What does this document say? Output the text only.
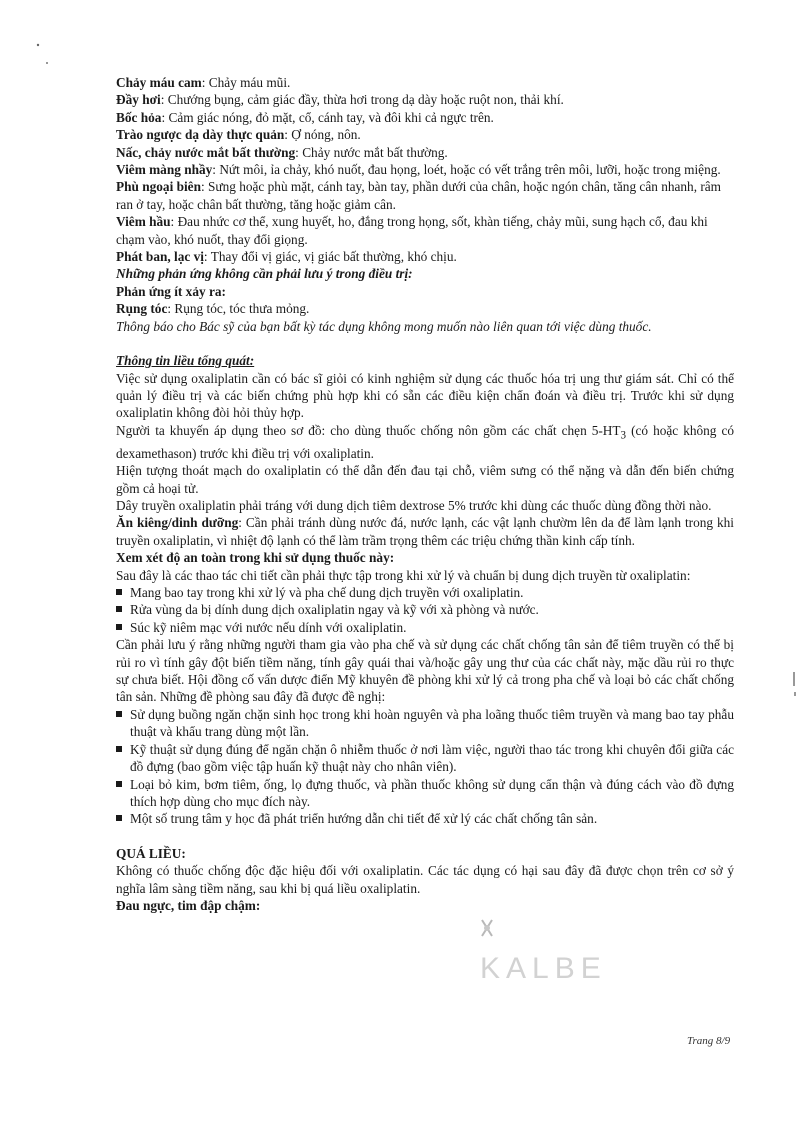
Chảy máu cam: Chảy máu mũi.

Đầy hơi: Chướng bụng, cảm giác đầy, thừa hơi trong dạ dày hoặc ruột non, thải khí.

Bốc hỏa: Cảm giác nóng, đỏ mặt, cổ, cánh tay, và đôi khi cả ngực trên.

Trào ngược dạ dày thực quản: Ợ nóng, nôn.

Nấc, chảy nước mắt bất thường: Chảy nước mắt bất thường.

Viêm màng nhầy: Nứt môi, ỉa chảy, khó nuốt, đau họng, loét, hoặc có vết trắng trên môi, lưỡi, hoặc trong miệng.

Phù ngoại biên: Sưng hoặc phù mặt, cánh tay, bàn tay, phần dưới của chân, hoặc ngón chân, tăng cân nhanh, râm ran ở tay, hoặc chân bất thường, tăng hoặc giảm cân.

Viêm hầu: Đau nhức cơ thể, xung huyết, ho, đắng trong họng, sốt, khàn tiếng, chảy mũi, sung hạch cổ, đau khi chạm vào, khó nuốt, thay đổi giọng.

Phát ban, lạc vị: Thay đổi vị giác, vị giác bất thường, khó chịu.

Những phản ứng không cần phải lưu ý trong điều trị:

Phản ứng ít xảy ra:

Rụng tóc: Rụng tóc, tóc thưa mỏng.

Thông báo cho Bác sỹ của bạn bất kỳ tác dụng không mong muốn nào liên quan tới việc dùng thuốc.

Thông tin liều tổng quát:

Việc sử dụng oxaliplatin cần có bác sĩ giỏi có kinh nghiệm sử dụng các thuốc hóa trị ung thư giám sát. Chỉ có thể quản lý điều trị và các biến chứng phù hợp khi có sẵn các điều kiện chẩn đoán và điều trị. Trước khi sử dụng oxaliplatin không đòi hỏi thủy hợp.

Người ta khuyến áp dụng theo sơ đồ: cho dùng thuốc chống nôn gồm các chất chẹn $5-HT_3$ (có hoặc không có dexamethason) trước khi điều trị với oxaliplatin.

Hiện tượng thoát mạch do oxaliplatin có thể dẫn đến đau tại chỗ, viêm sưng có thể nặng và dẫn đến biến chứng gồm cả hoại tử.

Dây truyền oxaliplatin phải tráng với dung dịch tiêm dextrose 5% trước khi dùng các thuốc dùng đồng thời nào.

Ăn kiêng/dinh dưỡng: Cần phải tránh dùng nước đá, nước lạnh, các vật lạnh chườm lên da để làm lạnh trong khi truyền oxaliplatin, vì nhiệt độ lạnh có thể làm trầm trọng thêm các triệu chứng thần kinh cấp tính.

Xem xét độ an toàn trong khi sử dụng thuốc này:

Sau đây là các thao tác chi tiết cần phải thực tập trong khi xử lý và chuẩn bị dung dịch truyền từ oxaliplatin:

Mang bao tay trong khi xử lý và pha chế dung dịch truyền với oxaliplatin.
Rửa vùng da bị dính dung dịch oxaliplatin ngay và kỹ với xà phòng và nước.
Súc kỹ niêm mạc với nước nếu dính với oxaliplatin.

Cần phải lưu ý rằng những người tham gia vào pha chế và sử dụng các chất chống tân sản để tiêm truyền có thể bị rủi ro vì tính gây đột biến tiềm năng, tính gây quái thai và/hoặc gây ung thư của các chất này, mặc dầu rủi ro thực sự chưa biết. Hội đồng cố vấn dược điển Mỹ khuyên đề phòng khi xử lý cả trong pha chế và loại bỏ các chất chống tân sản. Những đề phòng sau đây đã được đề nghị:

Sử dụng buồng ngăn chặn sinh học trong khi hoàn nguyên và pha loãng thuốc tiêm truyền và mang bao tay phẫu thuật và khẩu trang dùng một lần.
Kỹ thuật sử dụng đúng để ngăn chặn ô nhiễm thuốc ở nơi làm việc, người thao tác trong khi chuyên đổi giữa các đồ đựng (bao gồm việc tập huấn kỹ thuật này cho nhân viên).
Loại bỏ kim, bơm tiêm, ống, lọ đựng thuốc, và phần thuốc không sử dụng cẩn thận và đúng cách vào đồ đựng thích hợp dùng cho mục đích này.
Một số trung tâm y học đã phát triển hướng dẫn chi tiết để xử lý các chất chống tân sản.

QUÁ LIỀU:

Không có thuốc chống độc đặc hiệu đối với oxaliplatin. Các tác dụng có hại sau đây đã được chọn trên cơ sở ý nghĩa lâm sàng tiềm năng, sau khi bị quá liều oxaliplatin.

Đau ngực, tim đập chậm:

KALBE
Trang 8/9
